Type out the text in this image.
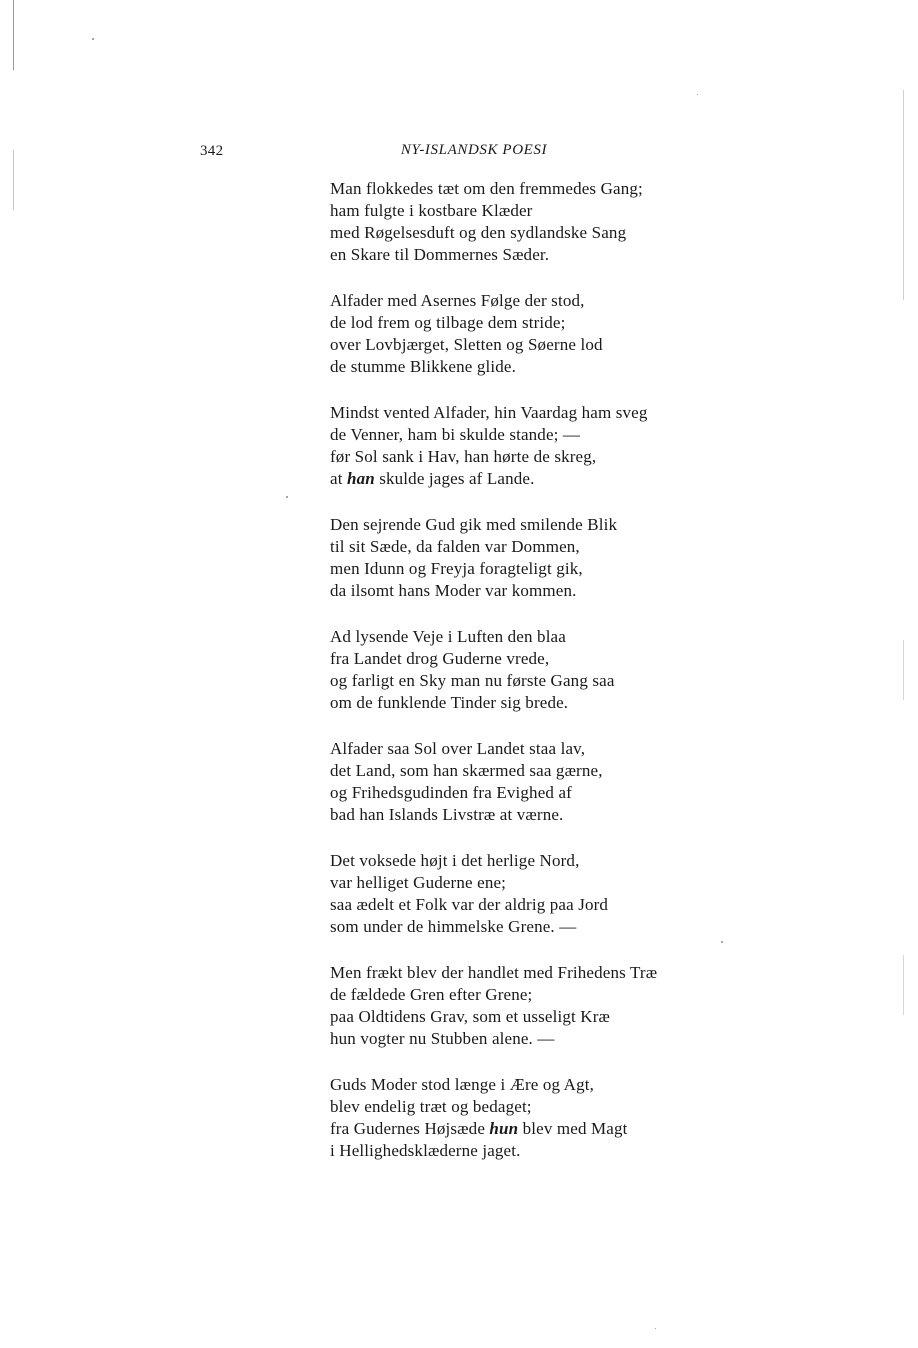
342	NY-ISLANDSK POESI
Man flokkedes tæt om den fremmedes Gang;
ham fulgte i kostbare Klæder
med Røgelsesduft og den sydlandske Sang
en Skare til Dommernes Sæder.
Alfader med Asernes Følge der stod,
de lod frem og tilbage dem stride;
over Lovbjærget, Sletten og Søerne lod
de stumme Blikkene glide.
Mindst vented Alfader, hin Vaardag ham sveg
de Venner, ham bi skulde stande; —
før Sol sank i Hav, han hørte de skreg,
at han skulde jages af Lande.
Den sejrende Gud gik med smilende Blik
til sit Sæde, da falden var Dommen,
men Idunn og Freyja foragteligt gik,
da ilsomt hans Moder var kommen.
Ad lysende Veje i Luften den blaa
fra Landet drog Guderne vrede,
og farligt en Sky man nu første Gang saa
om de funklende Tinder sig brede.
Alfader saa Sol over Landet staa lav,
det Land, som han skærmed saa gærne,
og Frihedsgudinden fra Evighed af
bad han Islands Livstræ at værne.
Det voksede højt i det herlige Nord,
var helliget Guderne ene;
saa ædelt et Folk var der aldrig paa Jord
som under de himmelske Grene. —
Men frækt blev der handlet med Frihedens Træ
de fældede Gren efter Grene;
paa Oldtidens Grav, som et usseligt Kræ
hun vogter nu Stubben alene. —
Guds Moder stod længe i Ære og Agt,
blev endelig træt og bedaget;
fra Gudernes Højsæde hun blev med Magt
i Hellighedsklæderne jaget.
